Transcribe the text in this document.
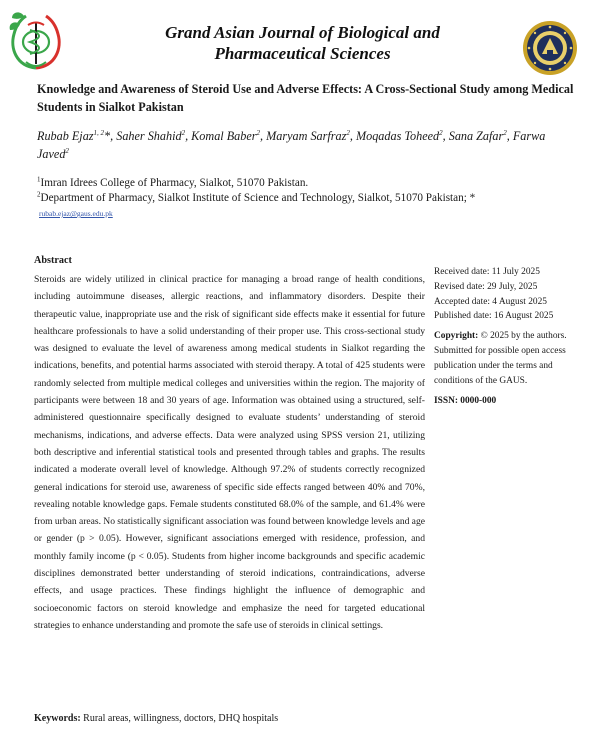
Grand Asian Journal of Biological and Pharmaceutical Sciences
Knowledge and Awareness of Steroid Use and Adverse Effects: A Cross-Sectional Study among Medical Students in Sialkot Pakistan
Rubab Ejaz$^{1, 2}$*, Saher Shahid$^2$, Komal Baber$^2$, Maryam Sarfraz$^2$, Moqadas Toheed$^2$, Sana Zafar$^2$, Farwa Javed$^2$
$^1$Imran Idrees College of Pharmacy, Sialkot, 51070 Pakistan.
$^2$Department of Pharmacy, Sialkot Institute of Science and Technology, Sialkot, 51070 Pakistan; *
rubab.ejaz@gaus.edu.pk
Abstract
Steroids are widely utilized in clinical practice for managing a broad range of health conditions, including autoimmune diseases, allergic reactions, and inflammatory disorders. Despite their therapeutic value, inappropriate use and the risk of significant side effects make it essential for future healthcare professionals to have a solid understanding of their proper use. This cross-sectional study was designed to evaluate the level of awareness among medical students in Sialkot regarding the indications, benefits, and potential harms associated with steroid therapy. A total of 425 students were randomly selected from multiple medical colleges and universities within the region. The majority of participants were between 18 and 30 years of age. Information was obtained using a structured, self-administered questionnaire specifically designed to evaluate students’ understanding of steroid mechanisms, indications, and adverse effects. Data were analyzed using SPSS version 21, utilizing both descriptive and inferential statistical tools and presented through tables and graphs. The results indicated a moderate overall level of knowledge. Although 97.2% of students correctly recognized general indications for steroid use, awareness of specific side effects ranged between 40% and 70%, revealing notable knowledge gaps. Female students constituted 68.0% of the sample, and 61.4% were from urban areas. No statistically significant association was found between knowledge levels and age or gender (p > 0.05). However, significant associations emerged with residence, profession, and monthly family income (p < 0.05). Students from higher income backgrounds and specific academic disciplines demonstrated better understanding of steroid indications, contraindications, adverse effects, and usage practices. These findings highlight the influence of demographic and socioeconomic factors on steroid knowledge and emphasize the need for targeted educational strategies to enhance understanding and promote the safe use of steroids in clinical settings.
Received date: 11 July 2025
Revised date: 29 July, 2025
Accepted date: 4 August 2025
Published date: 16 August 2025
Copyright: © 2025 by the authors. Submitted for possible open access publication under the terms and conditions of the GAUS.
ISSN: 0000-000
Keywords: Rural areas, willingness, doctors, DHQ hospitals
